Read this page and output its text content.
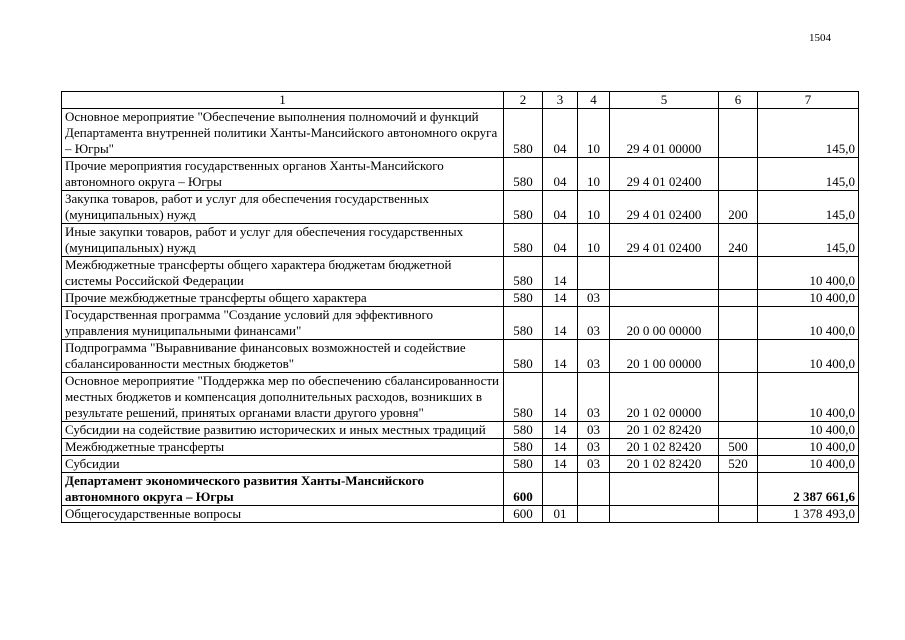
1504
1	2	3	4	5	6	7
Основное мероприятие "Обеспечение выполнения полномочий и функций Департамента внутренней политики Ханты-Мансийского автономного округа – Югры"	580	04	10	29 4 01 00000		145,0
Прочие мероприятия государственных органов Ханты-Мансийского автономного округа – Югры	580	04	10	29 4 01 02400		145,0
Закупка товаров, работ и услуг для обеспечения государственных (муниципальных) нужд	580	04	10	29 4 01 02400	200	145,0
Иные закупки товаров, работ и услуг для обеспечения государственных (муниципальных) нужд	580	04	10	29 4 01 02400	240	145,0
Межбюджетные трансферты общего характера бюджетам бюджетной системы Российской Федерации	580	14				10 400,0
Прочие межбюджетные трансферты общего характера	580	14	03			10 400,0
Государственная программа "Создание условий для эффективного управления муниципальными финансами"	580	14	03	20 0 00 00000		10 400,0
Подпрограмма "Выравнивание финансовых возможностей и содействие сбалансированности местных бюджетов"	580	14	03	20 1 00 00000		10 400,0
Основное мероприятие "Поддержка мер по обеспечению сбалансированности местных бюджетов и компенсация дополнительных расходов, возникших в результате решений, принятых органами власти другого уровня"	580	14	03	20 1 02 00000		10 400,0
Субсидии на содействие развитию исторических и иных местных традиций	580	14	03	20 1 02 82420		10 400,0
Межбюджетные трансферты	580	14	03	20 1 02 82420	500	10 400,0
Субсидии	580	14	03	20 1 02 82420	520	10 400,0
Департамент экономического развития Ханты-Мансийского автономного округа – Югры	600					2 387 661,6
Общегосударственные вопросы	600	01				1 378 493,0
